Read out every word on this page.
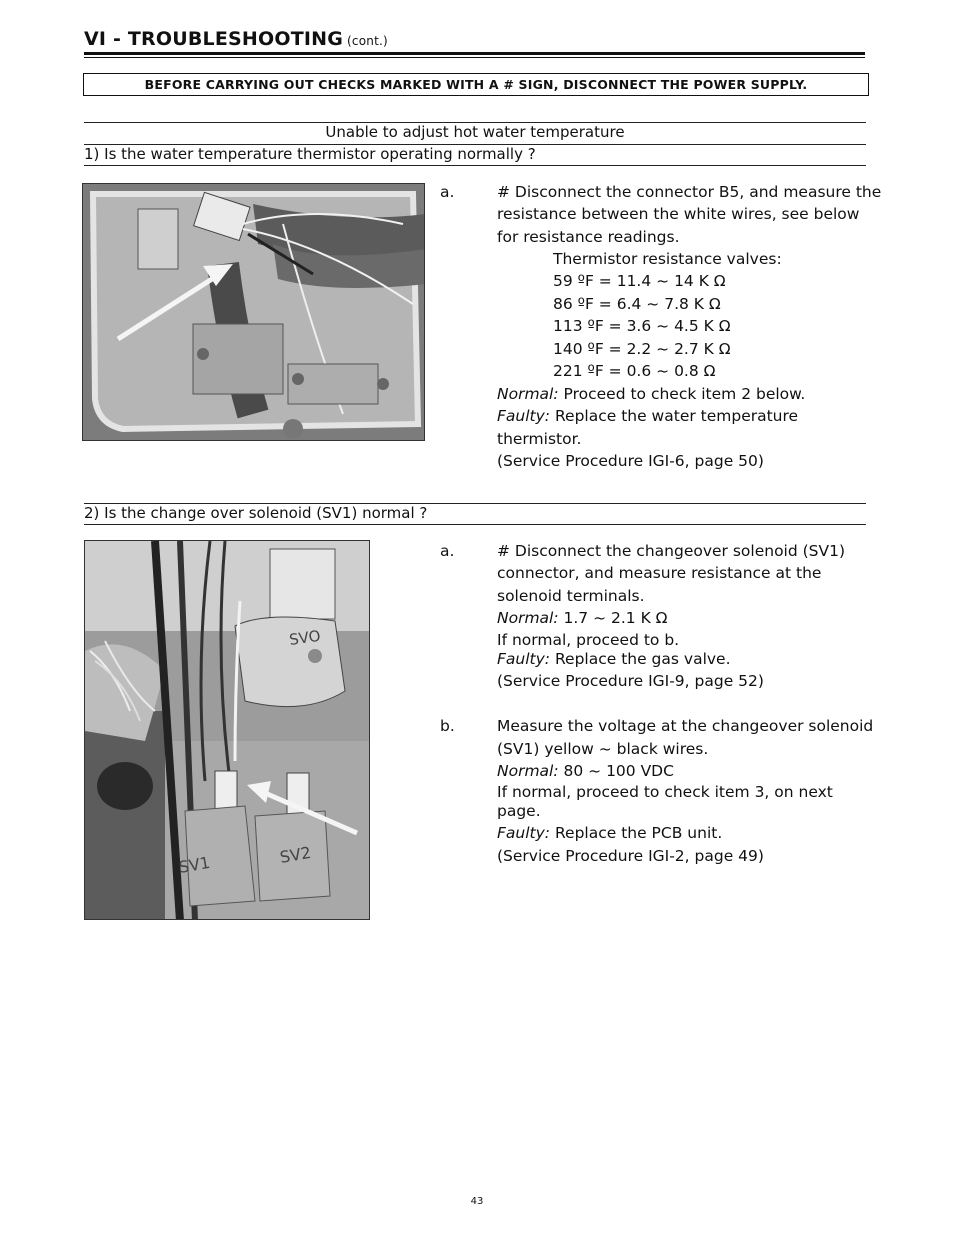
VI - TROUBLESHOOTING (cont.)
BEFORE CARRYING OUT CHECKS MARKED WITH A # SIGN, DISCONNECT THE POWER SUPPLY.
Unable to adjust hot water temperature
1) Is the water temperature thermistor operating normally ?
a.	# Disconnect the connector B5, and measure the
resistance between the white wires, see below
for resistance readings.
Thermistor resistance valves:
59 ºF = 11.4 ~ 14 K Ω
86 ºF = 6.4 ~ 7.8 K Ω
113 ºF = 3.6 ~ 4.5 K Ω
140 ºF = 2.2 ~ 2.7 K Ω
221 ºF = 0.6 ~ 0.8 Ω
Normal: Proceed to check item 2 below.
Faulty: Replace the water temperature
thermistor.
(Service Procedure IGI-6, page 50)
2) Is the change over solenoid (SV1) normal ?
SVO
SV1	SV2
a.	# Disconnect the changeover solenoid (SV1)
connector, and measure resistance at the
solenoid terminals.
Normal: 1.7 ~ 2.1 K Ω
If normal, proceed to b.
Faulty: Replace the gas valve.
(Service Procedure IGI-9, page 52)
b.	Measure the voltage at the changeover solenoid
(SV1) yellow ~ black wires.
Normal: 80 ~ 100 VDC
If normal, proceed to check item 3, on next
page.
Faulty: Replace the PCB unit.
(Service Procedure IGI-2, page 49)
43
